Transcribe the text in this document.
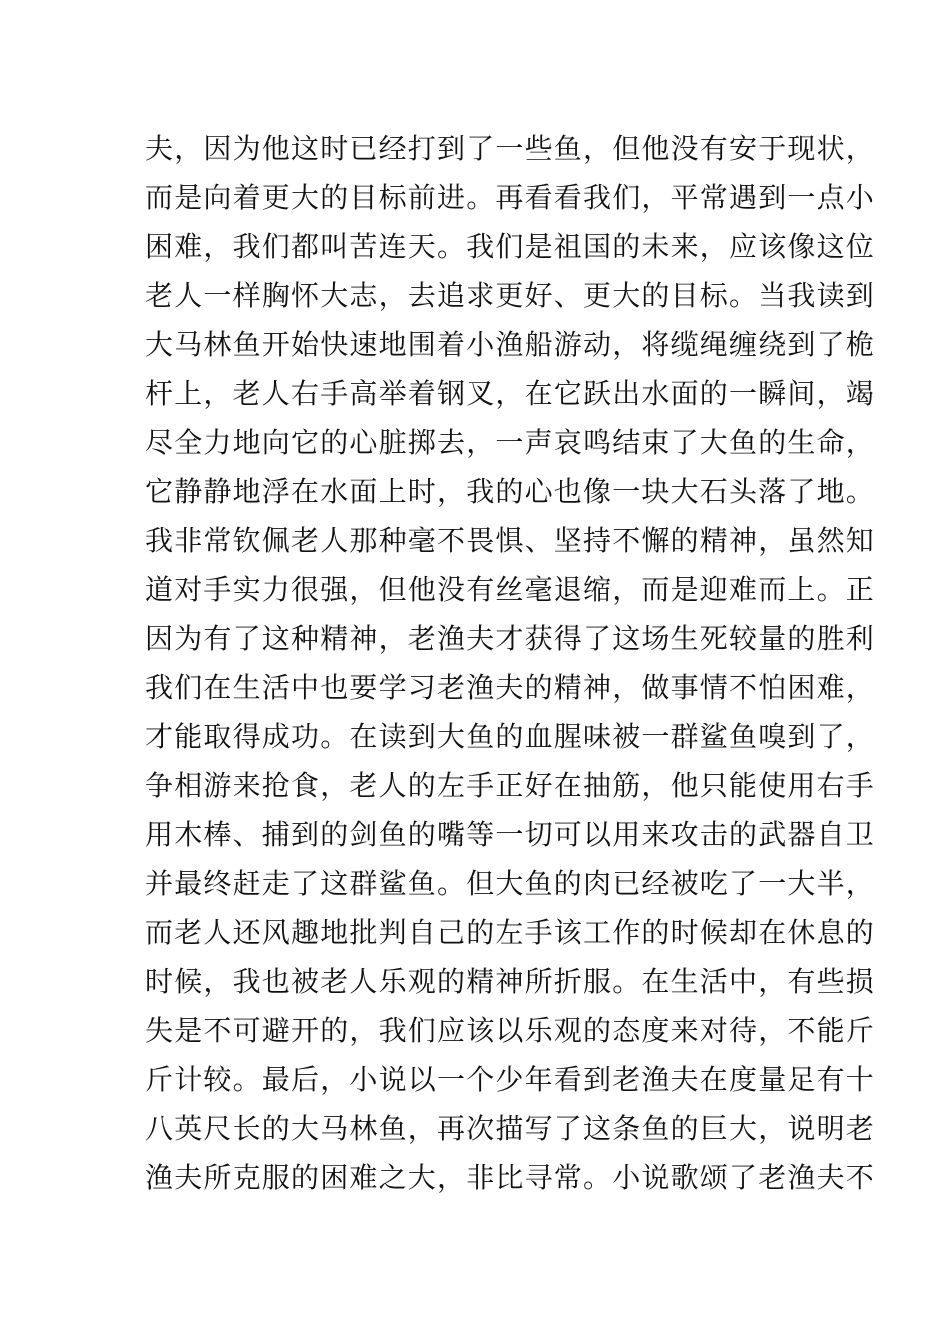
夫，因为他这时已经打到了一些鱼，但他没有安于现状，
而是向着更大的目标前进。再看看我们，平常遇到一点小
困难，我们都叫苦连天。我们是祖国的未来，应该像这位
老人一样胸怀大志，去追求更好、更大的目标。当我读到
大马林鱼开始快速地围着小渔船游动，将缆绳缠绕到了桅
杆上，老人右手高举着钢叉，在它跃出水面的一瞬间，竭
尽全力地向它的心脏掷去，一声哀鸣结束了大鱼的生命，
它静静地浮在水面上时，我的心也像一块大石头落了地。
我非常钦佩老人那种毫不畏惧、坚持不懈的精神，虽然知
道对手实力很强，但他没有丝毫退缩，而是迎难而上。正
因为有了这种精神，老渔夫才获得了这场生死较量的胜利
我们在生活中也要学习老渔夫的精神，做事情不怕困难，
才能取得成功。在读到大鱼的血腥味被一群鲨鱼嗅到了，
争相游来抢食，老人的左手正好在抽筋，他只能使用右手
用木棒、捕到的剑鱼的嘴等一切可以用来攻击的武器自卫
并最终赶走了这群鲨鱼。但大鱼的肉已经被吃了一大半，
而老人还风趣地批判自己的左手该工作的时候却在休息的
时候，我也被老人乐观的精神所折服。在生活中，有些损
失是不可避开的，我们应该以乐观的态度来对待，不能斤
斤计较。最后，小说以一个少年看到老渔夫在度量足有十
八英尺长的大马林鱼，再次描写了这条鱼的巨大，说明老
渔夫所克服的困难之大，非比寻常。小说歌颂了老渔夫不
